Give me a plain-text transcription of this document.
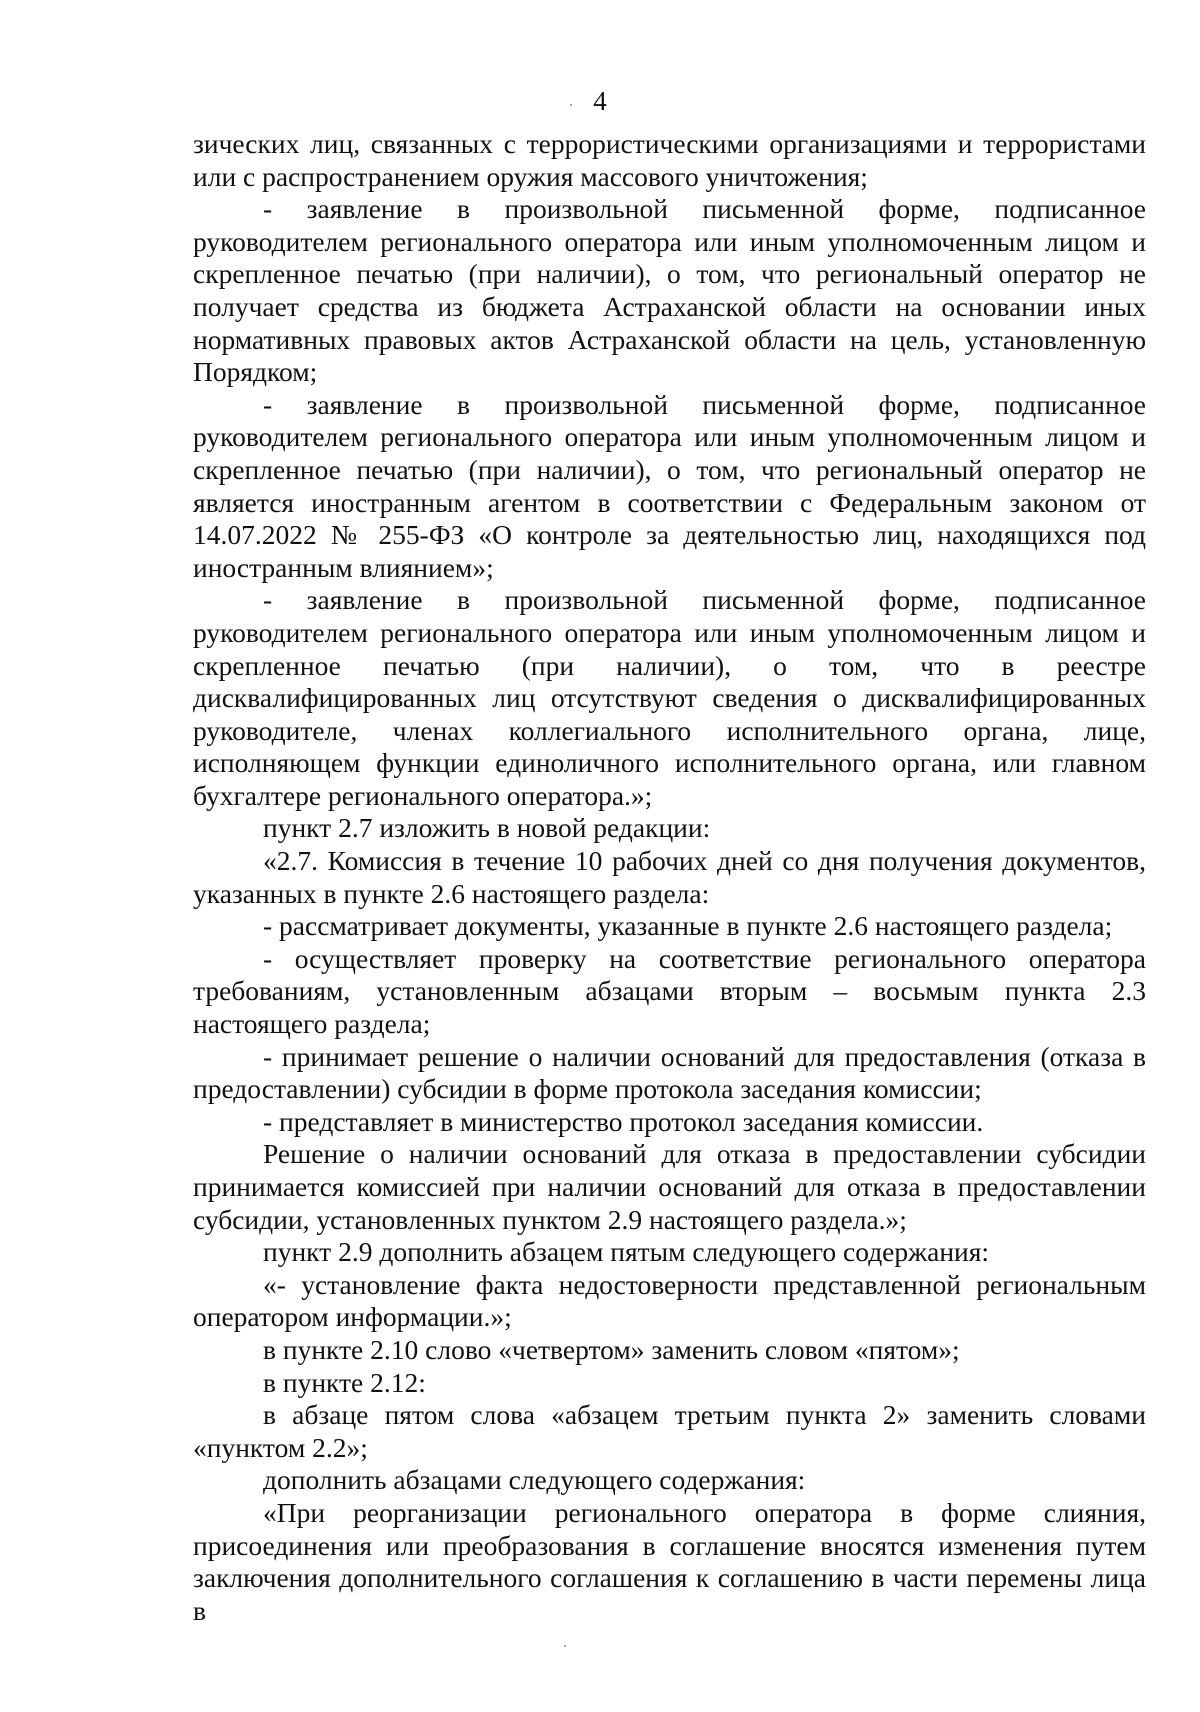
4

зических лиц, связанных с террористическими организациями и террористами или с распространением оружия массового уничтожения;

- заявление в произвольной письменной форме, подписанное руководителем регионального оператора или иным уполномоченным лицом и скрепленное печатью (при наличии), о том, что региональный оператор не получает средства из бюджета Астраханской области на основании иных нормативных правовых актов Астраханской области на цель, установленную Порядком;

- заявление в произвольной письменной форме, подписанное руководителем регионального оператора или иным уполномоченным лицом и скрепленное печатью (при наличии), о том, что региональный оператор не является иностранным агентом в соответствии с Федеральным законом от 14.07.2022 № 255-ФЗ «О контроле за деятельностью лиц, находящихся под иностранным влиянием»;

- заявление в произвольной письменной форме, подписанное руководителем регионального оператора или иным уполномоченным лицом и скрепленное печатью (при наличии), о том, что в реестре дисквалифицированных лиц отсутствуют сведения о дисквалифицированных руководителе, членах коллегиального исполнительного органа, лице, исполняющем функции единоличного исполнительного органа, или главном бухгалтере регионального оператора.»;

пункт 2.7 изложить в новой редакции:

«2.7. Комиссия в течение 10 рабочих дней со дня получения документов, указанных в пункте 2.6 настоящего раздела:

- рассматривает документы, указанные в пункте 2.6 настоящего раздела;

- осуществляет проверку на соответствие регионального оператора требованиям, установленным абзацами вторым – восьмым пункта 2.3 настоящего раздела;

- принимает решение о наличии оснований для предоставления (отказа в предоставлении) субсидии в форме протокола заседания комиссии;

- представляет в министерство протокол заседания комиссии.

Решение о наличии оснований для отказа в предоставлении субсидии принимается комиссией при наличии оснований для отказа в предоставлении субсидии, установленных пунктом 2.9 настоящего раздела.»;

пункт 2.9 дополнить абзацем пятым следующего содержания:

«- установление факта недостоверности представленной региональным оператором информации.»;

в пункте 2.10 слово «четвертом» заменить словом «пятом»;

в пункте 2.12:

в абзаце пятом слова «абзацем третьим пункта 2» заменить словами «пунктом 2.2»;

дополнить абзацами следующего содержания:

«При реорганизации регионального оператора в форме слияния, присоединения или преобразования в соглашение вносятся изменения путем заключения дополнительного соглашения к соглашению в части перемены лица в
